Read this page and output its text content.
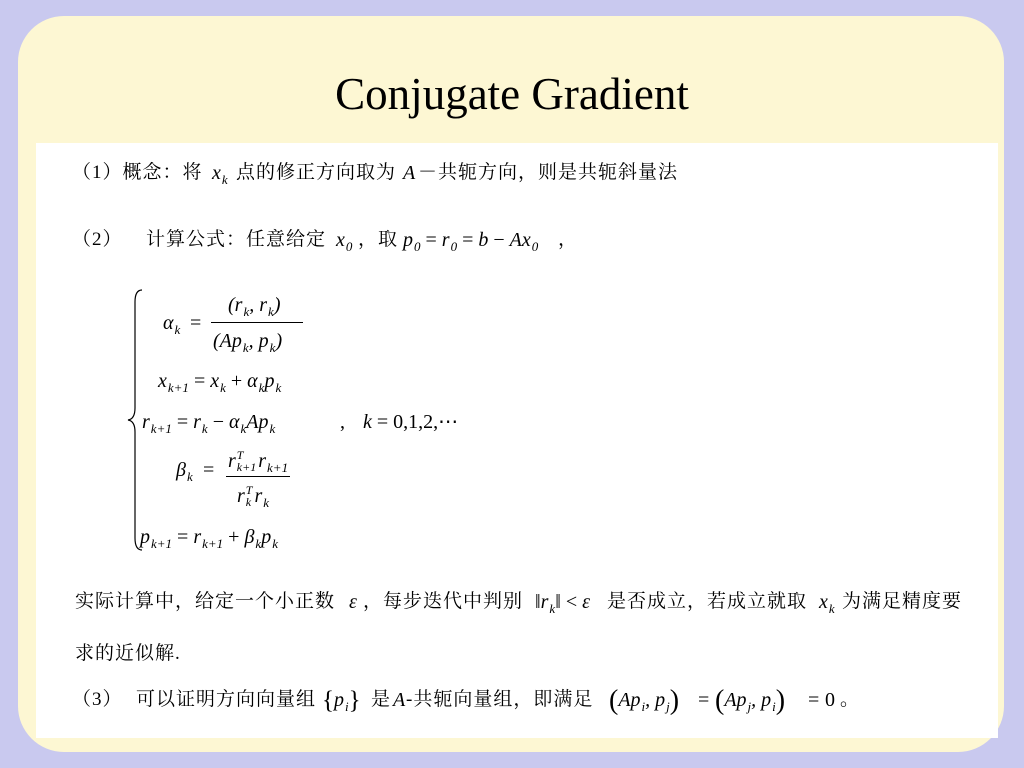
Conjugate Gradient
（1）概念：将 $x_k$ 点的修正方向取为 A －共轭方向，则是共轭斜量法
（2） 计算公式：任意给定 $x_0$ ，取 $p_0 = r_0 = b - Ax_0$ ，
$\alpha_k$ =
($r_k$, $r_k$)
($Ap_k$, $p_k$)
$x_{k+1} = x_k + \alpha_kp_k$
$r_{k+1} = r_k - \alpha_kAp_k$	, k = 0,1,2,⋯
$\beta_k = r$ T
k+1 $r_{k+1}$
r T
k $r_k$
$p_{k+1} = r_{k+1} + \beta_kp_k$
实际计算中，给定一个小正数 ε ，每步迭代中判别 $‖r_k‖ < \varepsilon$ 是否成立，若成立就取 $x_k$ 为满足精度要
求的近似解.
（3） 可以证明方向向量组 $\{p_i\}$ 是 A -共轭向量组，即满足 ($Ap_i$, $p_j) = (Ap_j$, $p_i) = 0$ 。
